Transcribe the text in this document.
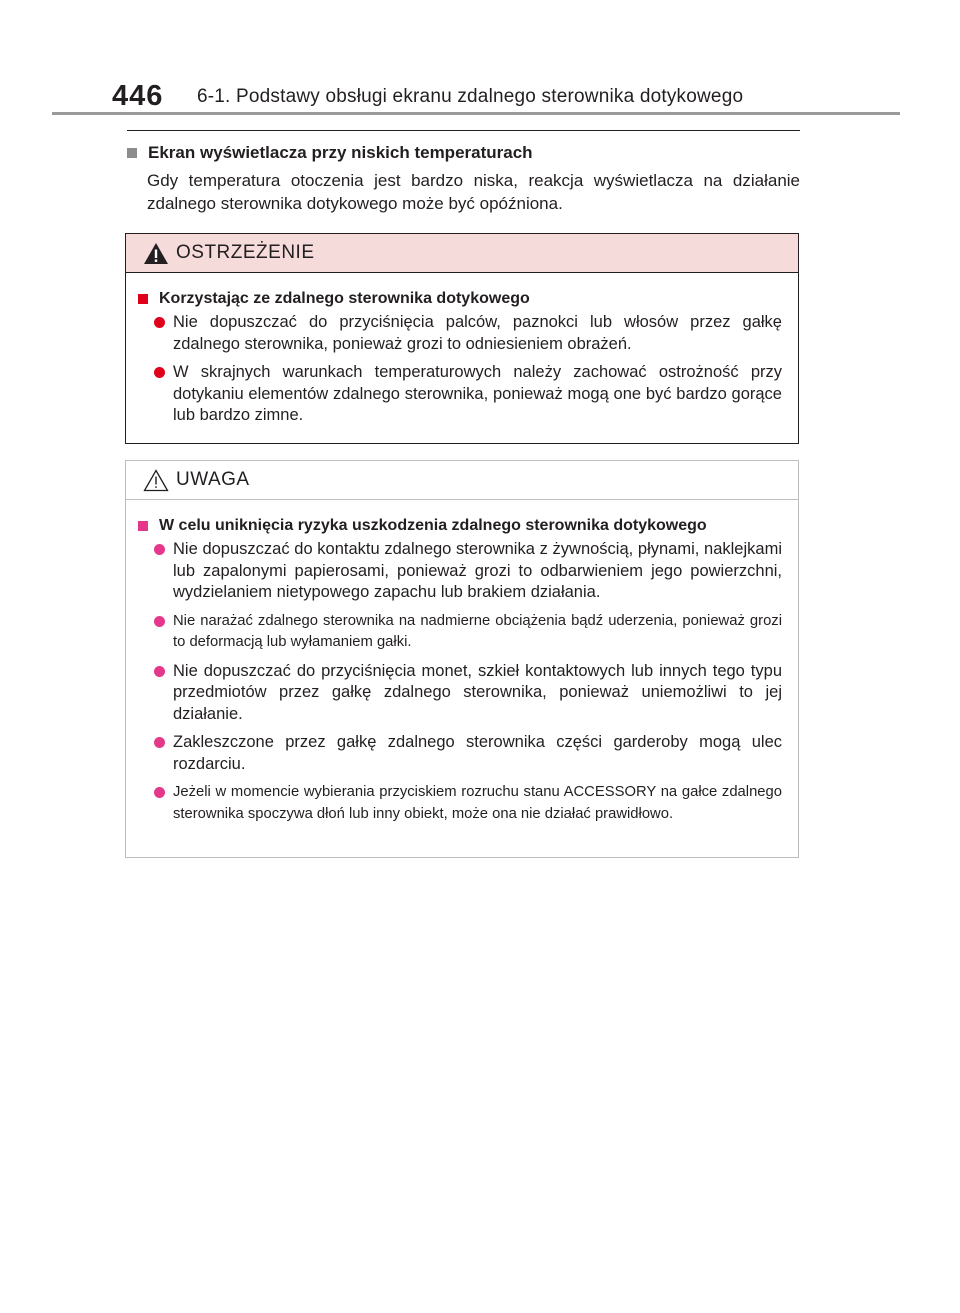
446 6-1. Podstawy obsługi ekranu zdalnego sterownika dotykowego
Ekran wyświetlacza przy niskich temperaturach
Gdy temperatura otoczenia jest bardzo niska, reakcja wyświetlacza na działanie zdalnego sterownika dotykowego może być opóźniona.
OSTRZEŻENIE
Korzystając ze zdalnego sterownika dotykowego
Nie dopuszczać do przyciśnięcia palców, paznokci lub włosów przez gałkę zdalnego sterownika, ponieważ grozi to odniesieniem obrażeń.
W skrajnych warunkach temperaturowych należy zachować ostrożność przy dotykaniu elementów zdalnego sterownika, ponieważ mogą one być bardzo gorące lub bardzo zimne.
UWAGA
W celu uniknięcia ryzyka uszkodzenia zdalnego sterownika dotykowego
Nie dopuszczać do kontaktu zdalnego sterownika z żywnością, płynami, naklejkami lub zapalonymi papierosami, ponieważ grozi to odbarwieniem jego powierzchni, wydzielaniem nietypowego zapachu lub brakiem działania.
Nie narażać zdalnego sterownika na nadmierne obciążenia bądź uderzenia, ponieważ grozi to deformacją lub wyłamaniem gałki.
Nie dopuszczać do przyciśnięcia monet, szkieł kontaktowych lub innych tego typu przedmiotów przez gałkę zdalnego sterownika, ponieważ uniemożliwi to jej działanie.
Zakleszczone przez gałkę zdalnego sterownika części garderoby mogą ulec rozdarciu.
Jeżeli w momencie wybierania przyciskiem rozruchu stanu ACCESSORY na gałce zdalnego sterownika spoczywa dłoń lub inny obiekt, może ona nie działać prawidłowo.
